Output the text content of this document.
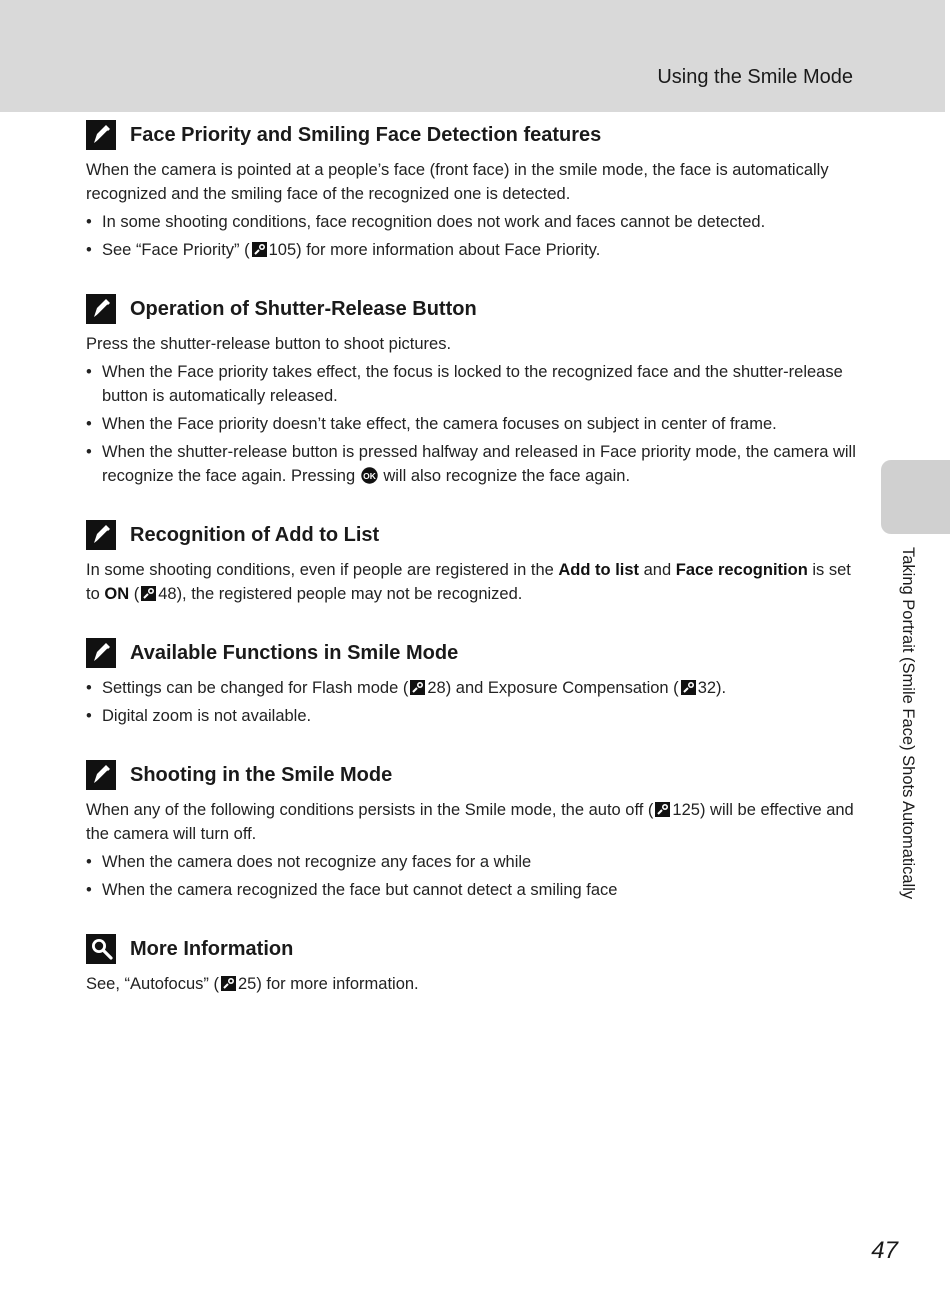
Using the Smile Mode
Taking Portrait (Smile Face) Shots Automatically
Face Priority and Smiling Face Detection features

When the camera is pointed at a people’s face (front face) in the smile mode, the face is automatically recognized and the smiling face of the recognized one is detected.

• In some shooting conditions, face recognition does not work and faces cannot be detected.
• See “Face Priority” ( 105) for more information about Face Priority.
Operation of Shutter-Release Button

Press the shutter-release button to shoot pictures.

• When the Face priority takes effect, the focus is locked to the recognized face and the shutter-release button is automatically released.
• When the Face priority doesn’t take effect, the camera focuses on subject in center of frame.
• When the shutter-release button is pressed halfway and released in Face priority mode, the camera will recognize the face again. Pressing OK will also recognize the face again.
Recognition of Add to List

In some shooting conditions, even if people are registered in the Add to list and Face recognition is set to ON ( 48), the registered people may not be recognized.

Available Functions in Smile Mode
• Settings can be changed for Flash mode ( 28) and Exposure Compensation ( 32).
• Digital zoom is not available.
Shooting in the Smile Mode

When any of the following conditions persists in the Smile mode, the auto off ( 125) will be effective and the camera will turn off.

• When the camera does not recognize any faces for a while
• When the camera recognized the face but cannot detect a smiling face
More Information

See, “Autofocus” ( 25) for more information.

47
